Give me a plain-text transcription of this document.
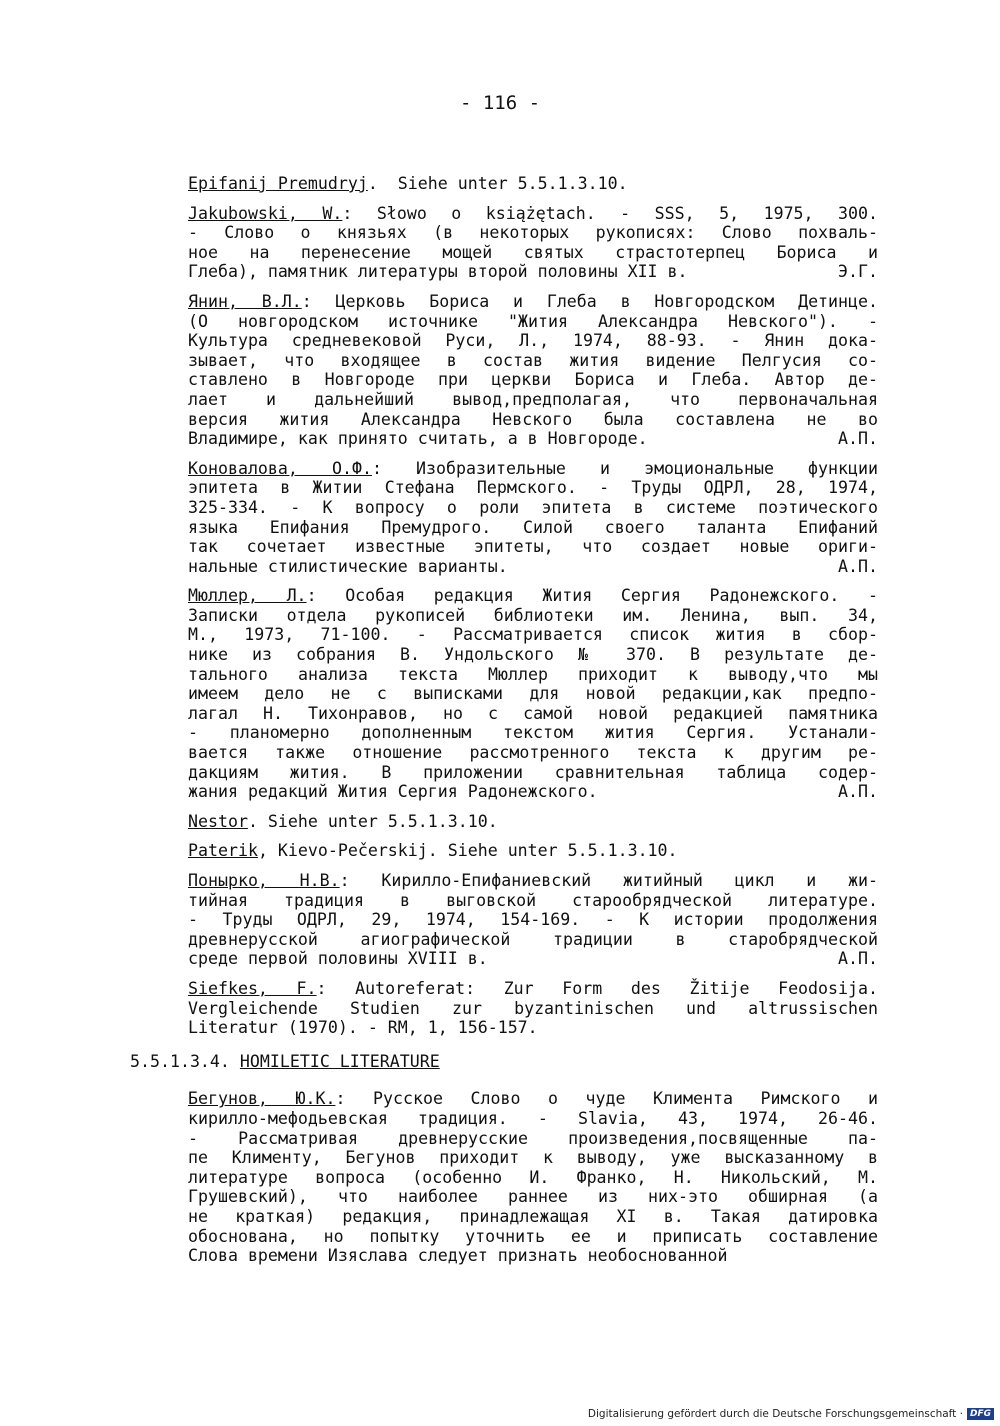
- 116 -
Epifanij Premudryj.  Siehe unter 5.5.1.3.10.
Jakubowski, W.: Słowo o książętach. - SSS, 5, 1975, 300.
- Слово о князьях (в некоторых рукописях: Слово похваль-
ное на перенесение мощей святых страстотерпец Бориса и
Глеба), памятник литературы второй половины XII в.	Э.Г.
Янин, В.Л.: Церковь Бориса и Глеба в Новгородском Детинце.
(О новгородском источнике "Жития Александра Невского"). -
Культура средневековой Руси, Л., 1974, 88-93. - Янин дока-
зывает, что входящее в состав жития видение Пелгусия со-
ставлено в Новгороде при церкви Бориса и Глеба. Автор де-
лает и дальнейший вывод,предполагая, что первоначальная
версия жития Александра Невского была составлена не во
Владимире, как принято считать, а в Новгороде.	А.П.
Коновалова, О.Ф.: Изобразительные и эмоциональные функции
эпитета в Житии Стефана Пермского. - Труды ОДРЛ, 28, 1974,
325-334. - К вопросу о роли эпитета в системе поэтического
языка Епифания Премудрого. Силой своего таланта Епифаний
так сочетает известные эпитеты, что создает новые ориги-
нальные стилистические варианты.	А.П.
Мюллер, Л.: Особая редакция Жития Сергия Радонежского. -
Записки отдела рукописей библиотеки им. Ленина, вып. 34,
М., 1973, 71-100. - Рассматривается список жития в сбор-
нике из собрания В. Ундольского № 370. В результате де-
тального анализа текста Мюллер приходит к выводу,что мы
имеем дело не с выписками для новой редакции,как предпо-
лагал Н. Тихонравов, но с самой новой редакцией памятника
- планомерно дополненным текстом жития Сергия. Устанали-
вается также отношение рассмотренного текста к другим ре-
дакциям жития. В приложении сравнительная таблица содер-
жания редакций Жития Сергия Радонежского.	А.П.
Nestor. Siehe unter 5.5.1.3.10.
Paterik, Kievo-Pečerskij. Siehe unter 5.5.1.3.10.
Понырко, Н.В.: Кирилло-Епифаниевский житийный цикл и жи-
тийная традиция в выговской старообрядческой литературе.
- Труды ОДРЛ, 29, 1974, 154-169. - К истории продолжения
древнерусской агиографической традиции в старобрядческой
среде первой половины XVIII в.	А.П.
Siefkes, F.: Autoreferat: Zur Form des Žitije Feodosija.
Vergleichende Studien zur byzantinischen und altrussischen
Literatur (1970). - RM, 1, 156-157.
5.5.1.3.4. HOMILETIC LITERATURE
Бегунов, Ю.К.: Русское Слово о чуде Климента Римского и
кирилло-мефодьевская традиция. - Slavia, 43, 1974, 26-46.
- Рассматривая древнерусские произведения,посвященные па-
пе Клименту, Бегунов приходит к выводу, уже высказанному в
литературе вопроса (особенно И. Франко, Н. Никольский, М.
Грушевский), что наиболее раннее из них-это обширная (а
не краткая) редакция, принадлежащая XI в. Такая датировка
обоснована, но попытку уточнить ее и приписать составление
Слова времени Изяслава следует признать необоснованной
Digitalisierung gefördert durch die Deutsche Forschungsgemeinschaft · DFG
